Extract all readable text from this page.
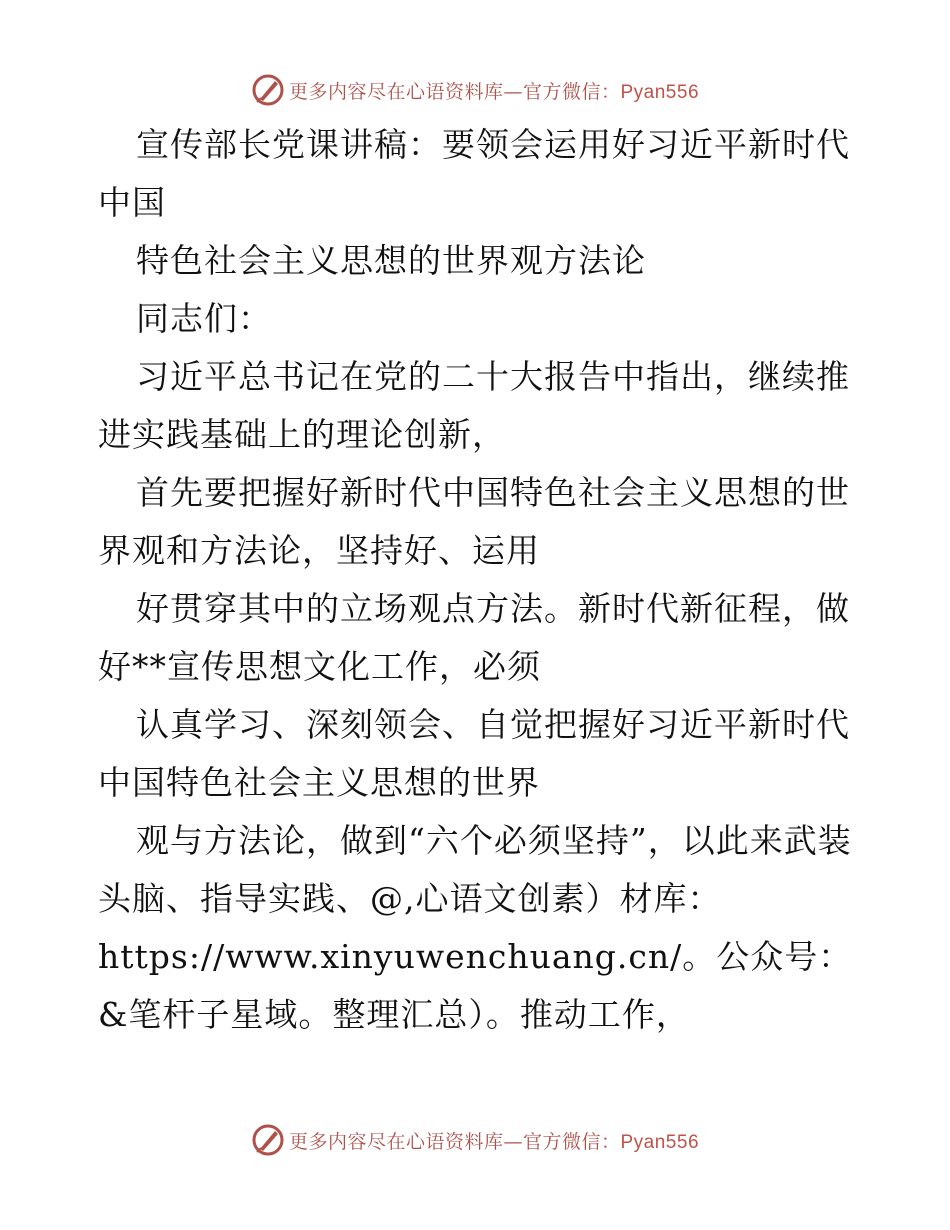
更多内容尽在心语资料库—官方微信：Pyan556

宣传部长党课讲稿：要领会运用好习近平新时代中国

特色社会主义思想的世界观方法论

同志们：

习近平总书记在党的二十大报告中指出，继续推进实践基础上的理论创新，

首先要把握好新时代中国特色社会主义思想的世界观和方法论，坚持好、运用

好贯穿其中的立场观点方法。新时代新征程，做好**宣传思想文化工作，必须

认真学习、深刻领会、自觉把握好习近平新时代中国特色社会主义思想的世界

观与方法论，做到“六个必须坚持”，以此来武装头脑、指导实践、@,心语文创素）材库：

https://www.xinyuwenchuang.cn/。公众号：&笔杆子星域。整理汇总）。推动工作，

更多内容尽在心语资料库—官方微信：Pyan556
